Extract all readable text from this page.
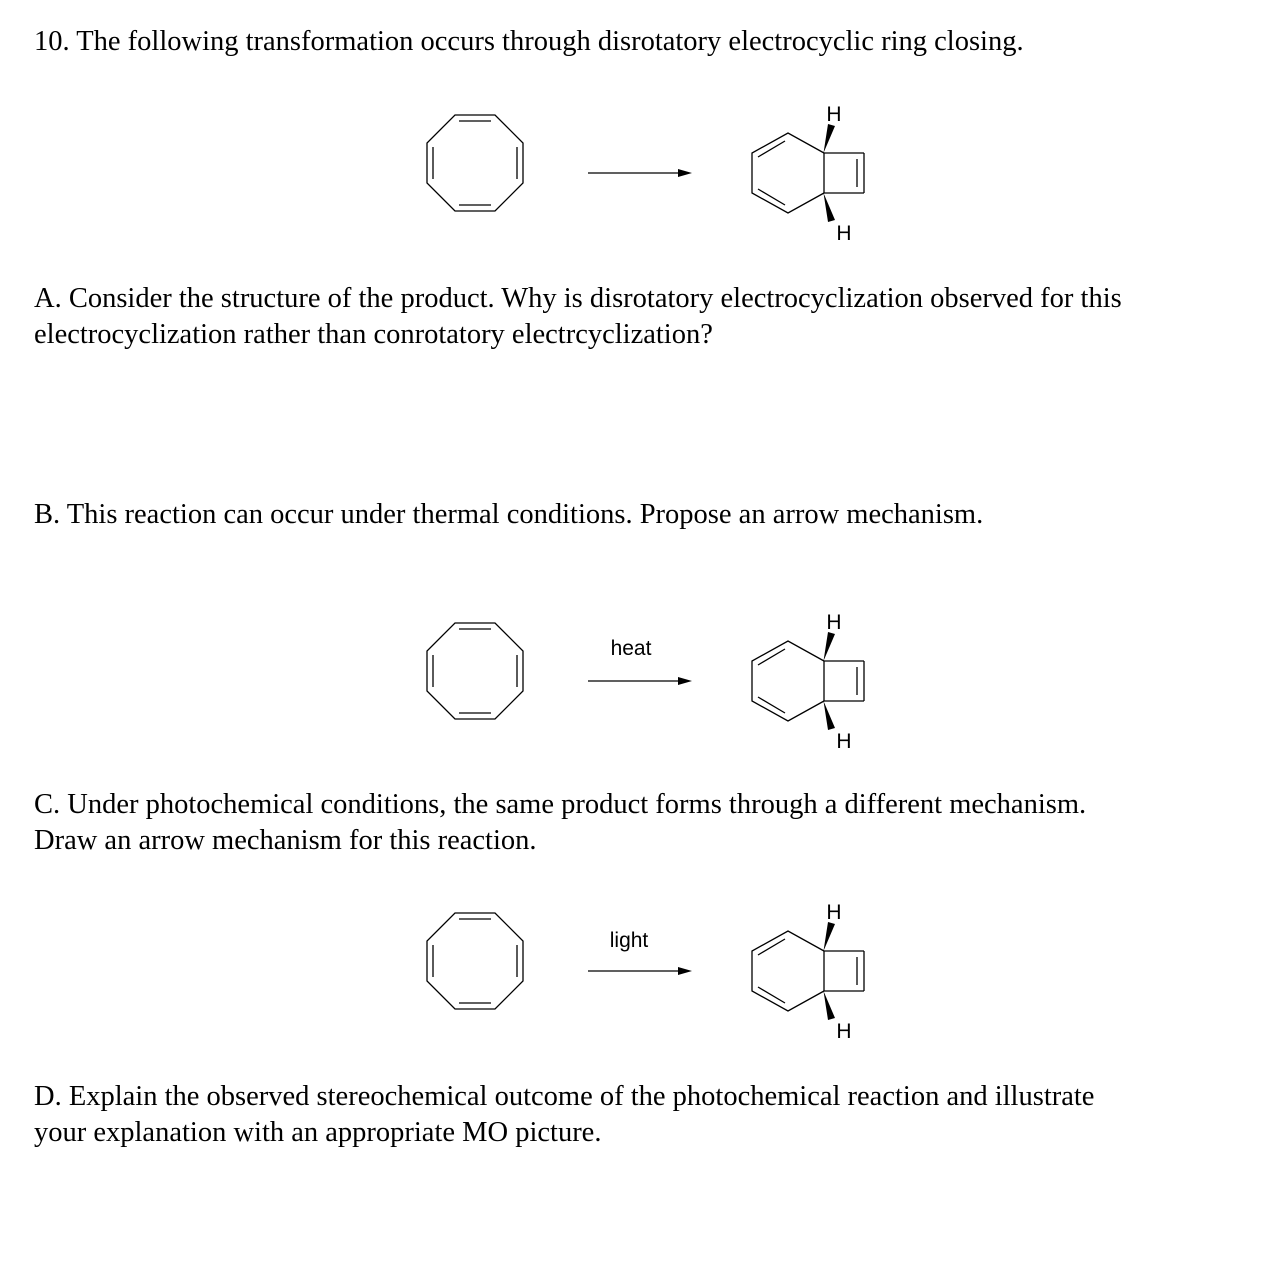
10. The following transformation occurs through disrotatory electrocyclic ring closing.

H
H

A. Consider the structure of the product. Why is disrotatory electrocyclization observed for this
electrocyclization rather than conrotatory electrcyclization?

B. This reaction can occur under thermal conditions. Propose an arrow mechanism.

heat
H
H

C. Under photochemical conditions, the same product forms through a different mechanism.
Draw an arrow mechanism for this reaction.

light
H
H

D. Explain the observed stereochemical outcome of the photochemical reaction and illustrate
your explanation with an appropriate MO picture.
